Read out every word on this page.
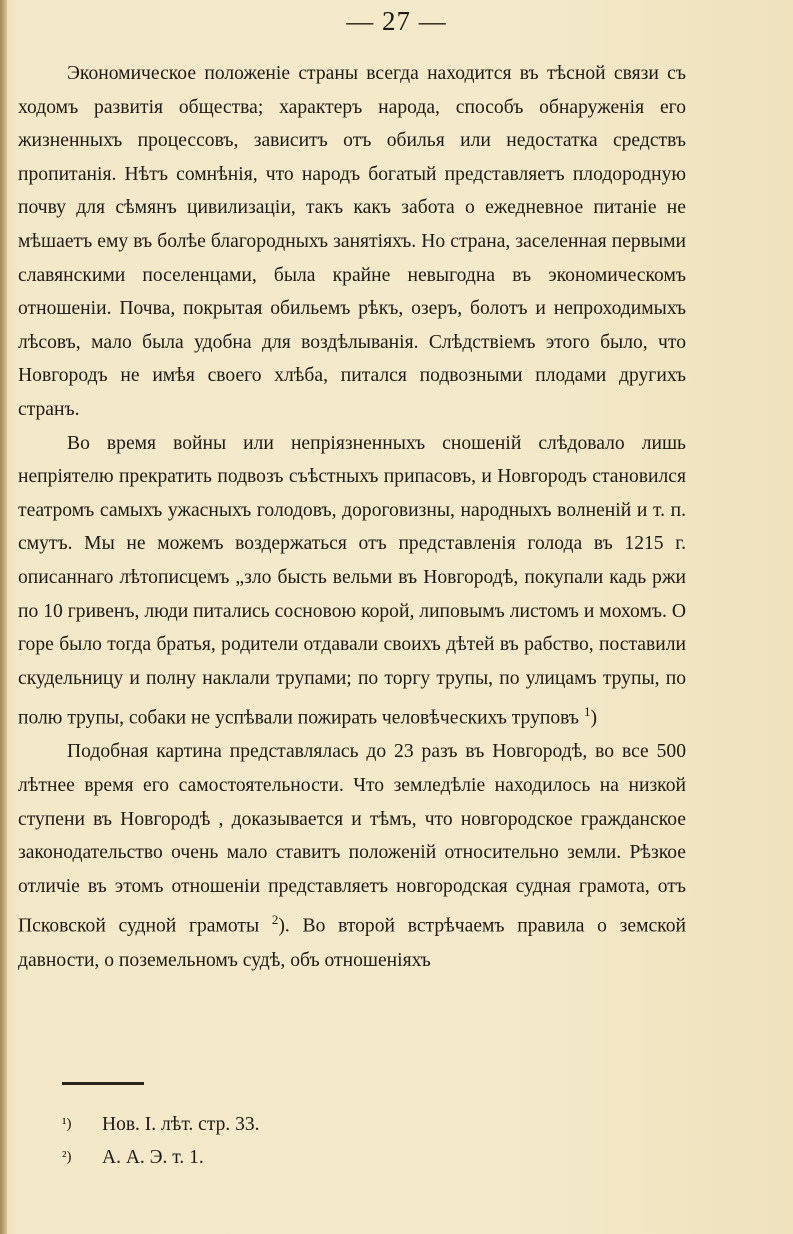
— 27 —

Экономическое положеніе страны всегда находится въ тѣсной связи съ ходомъ развитія общества; характеръ народа, способъ обнаруженія его жизненныхъ процессовъ, зависитъ отъ обилья или недостатка средствъ пропитанія. Нѣтъ сомнѣнія, что народъ богатый представляетъ плодородную почву для сѣмянъ цивилизаціи, такъ какъ забота о ежедневное питаніе не мѣшаетъ ему въ болѣе благородныхъ занятіяхъ. Но страна, заселенная первыми славянскими поселенцами, была крайне невыгодна въ экономическомъ отношеніи. Почва, покрытая обильемъ рѣкъ, озеръ, болотъ и непроходимыхъ лѣсовъ, мало была удобна для воздѣлыванія. Слѣдствіемъ этого было, что Новгородъ не имѣя своего хлѣба, питался подвозными плодами другихъ странъ.

Во время войны или непріязненныхъ сношеній слѣдовало лишь непріятелю прекратить подвозъ съѣстныхъ припасовъ, и Новгородъ становился театромъ самыхъ ужасныхъ голодовъ, дороговизны, народныхъ волненій и т. п. смутъ. Мы не можемъ воздержаться отъ представленія голода въ 1215 г. описаннаго лѣтописцемъ „зло бысть вельми въ Новгородѣ, покупали кадь ржи по 10 гривенъ, люди питались сосновою корой, липовымъ листомъ и мохомъ. О горе было тогда братья, родители отдавали своихъ дѣтей въ рабство, поставили скудельницу и полну наклали трупами; по торгу трупы, по улицамъ трупы, по полю трупы, собаки не успѣвали пожирать человѣческихъ труповъ $^1$)

Подобная картина представлялась до 23 разъ въ Новгородѣ, во все 500 лѣтнее время его самостоятельности. Что земледѣліе находилось на низкой ступени въ Новгородѣ , доказывается и тѣмъ, что новгородское гражданское законодательство очень мало ставитъ положеній относительно земли. Рѣзкое отличіе въ этомъ отношеніи представляетъ новгородская судная грамота, отъ Псковской судной грамоты $^2$). Во второй встрѣчаемъ правила о земской давности, о поземельномъ судѣ, объ отношеніяхъ

¹)	Нов. I. лѣт. стр. 33.
²)	А. А. Э. т. 1.
